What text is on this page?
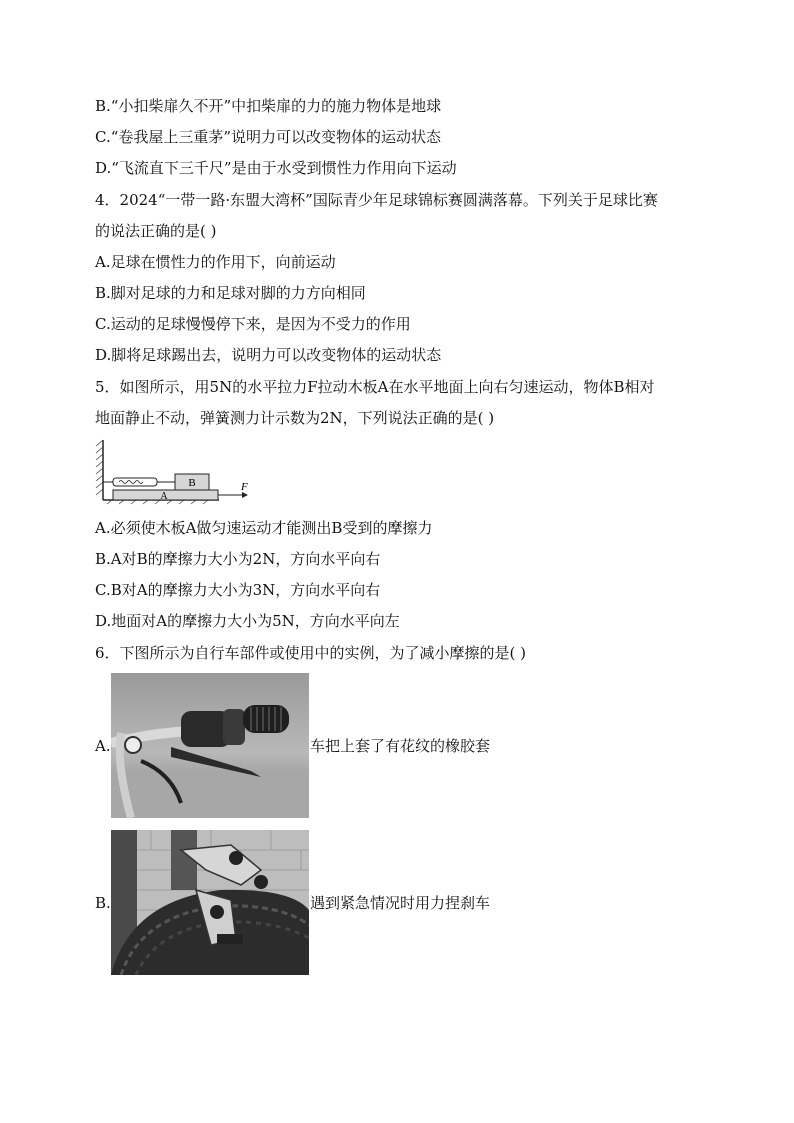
B.“小扣柴扉久不开”中扣柴扉的力的施力物体是地球
C.“卷我屋上三重茅”说明力可以改变物体的运动状态
D.“飞流直下三千尺”是由于水受到惯性力作用向下运动
4．2024“一带一路·东盟大湾杯”国际青少年足球锦标赛圆满落幕。下列关于足球比赛
的说法正确的是( )
A.足球在惯性力的作用下，向前运动
B.脚对足球的力和足球对脚的力方向相同
C.运动的足球慢慢停下来，是因为不受力的作用
D.脚将足球踢出去，说明力可以改变物体的运动状态
5．如图所示，用5N的水平拉力F拉动木板A在水平地面上向右匀速运动，物体B相对
地面静止不动，弹簧测力计示数为2N，下列说法正确的是( )
A
B	F
A.必须使木板A做匀速运动才能测出B受到的摩擦力
B.A对B的摩擦力大小为2N，方向水平向右
C.B对A的摩擦力大小为3N，方向水平向右
D.地面对A的摩擦力大小为5N，方向水平向左
6．下图所示为自行车部件或使用中的实例，为了减小摩擦的是( )
A.	车把上套了有花纹的橡胶套
B.	遇到紧急情况时用力捏刹车
